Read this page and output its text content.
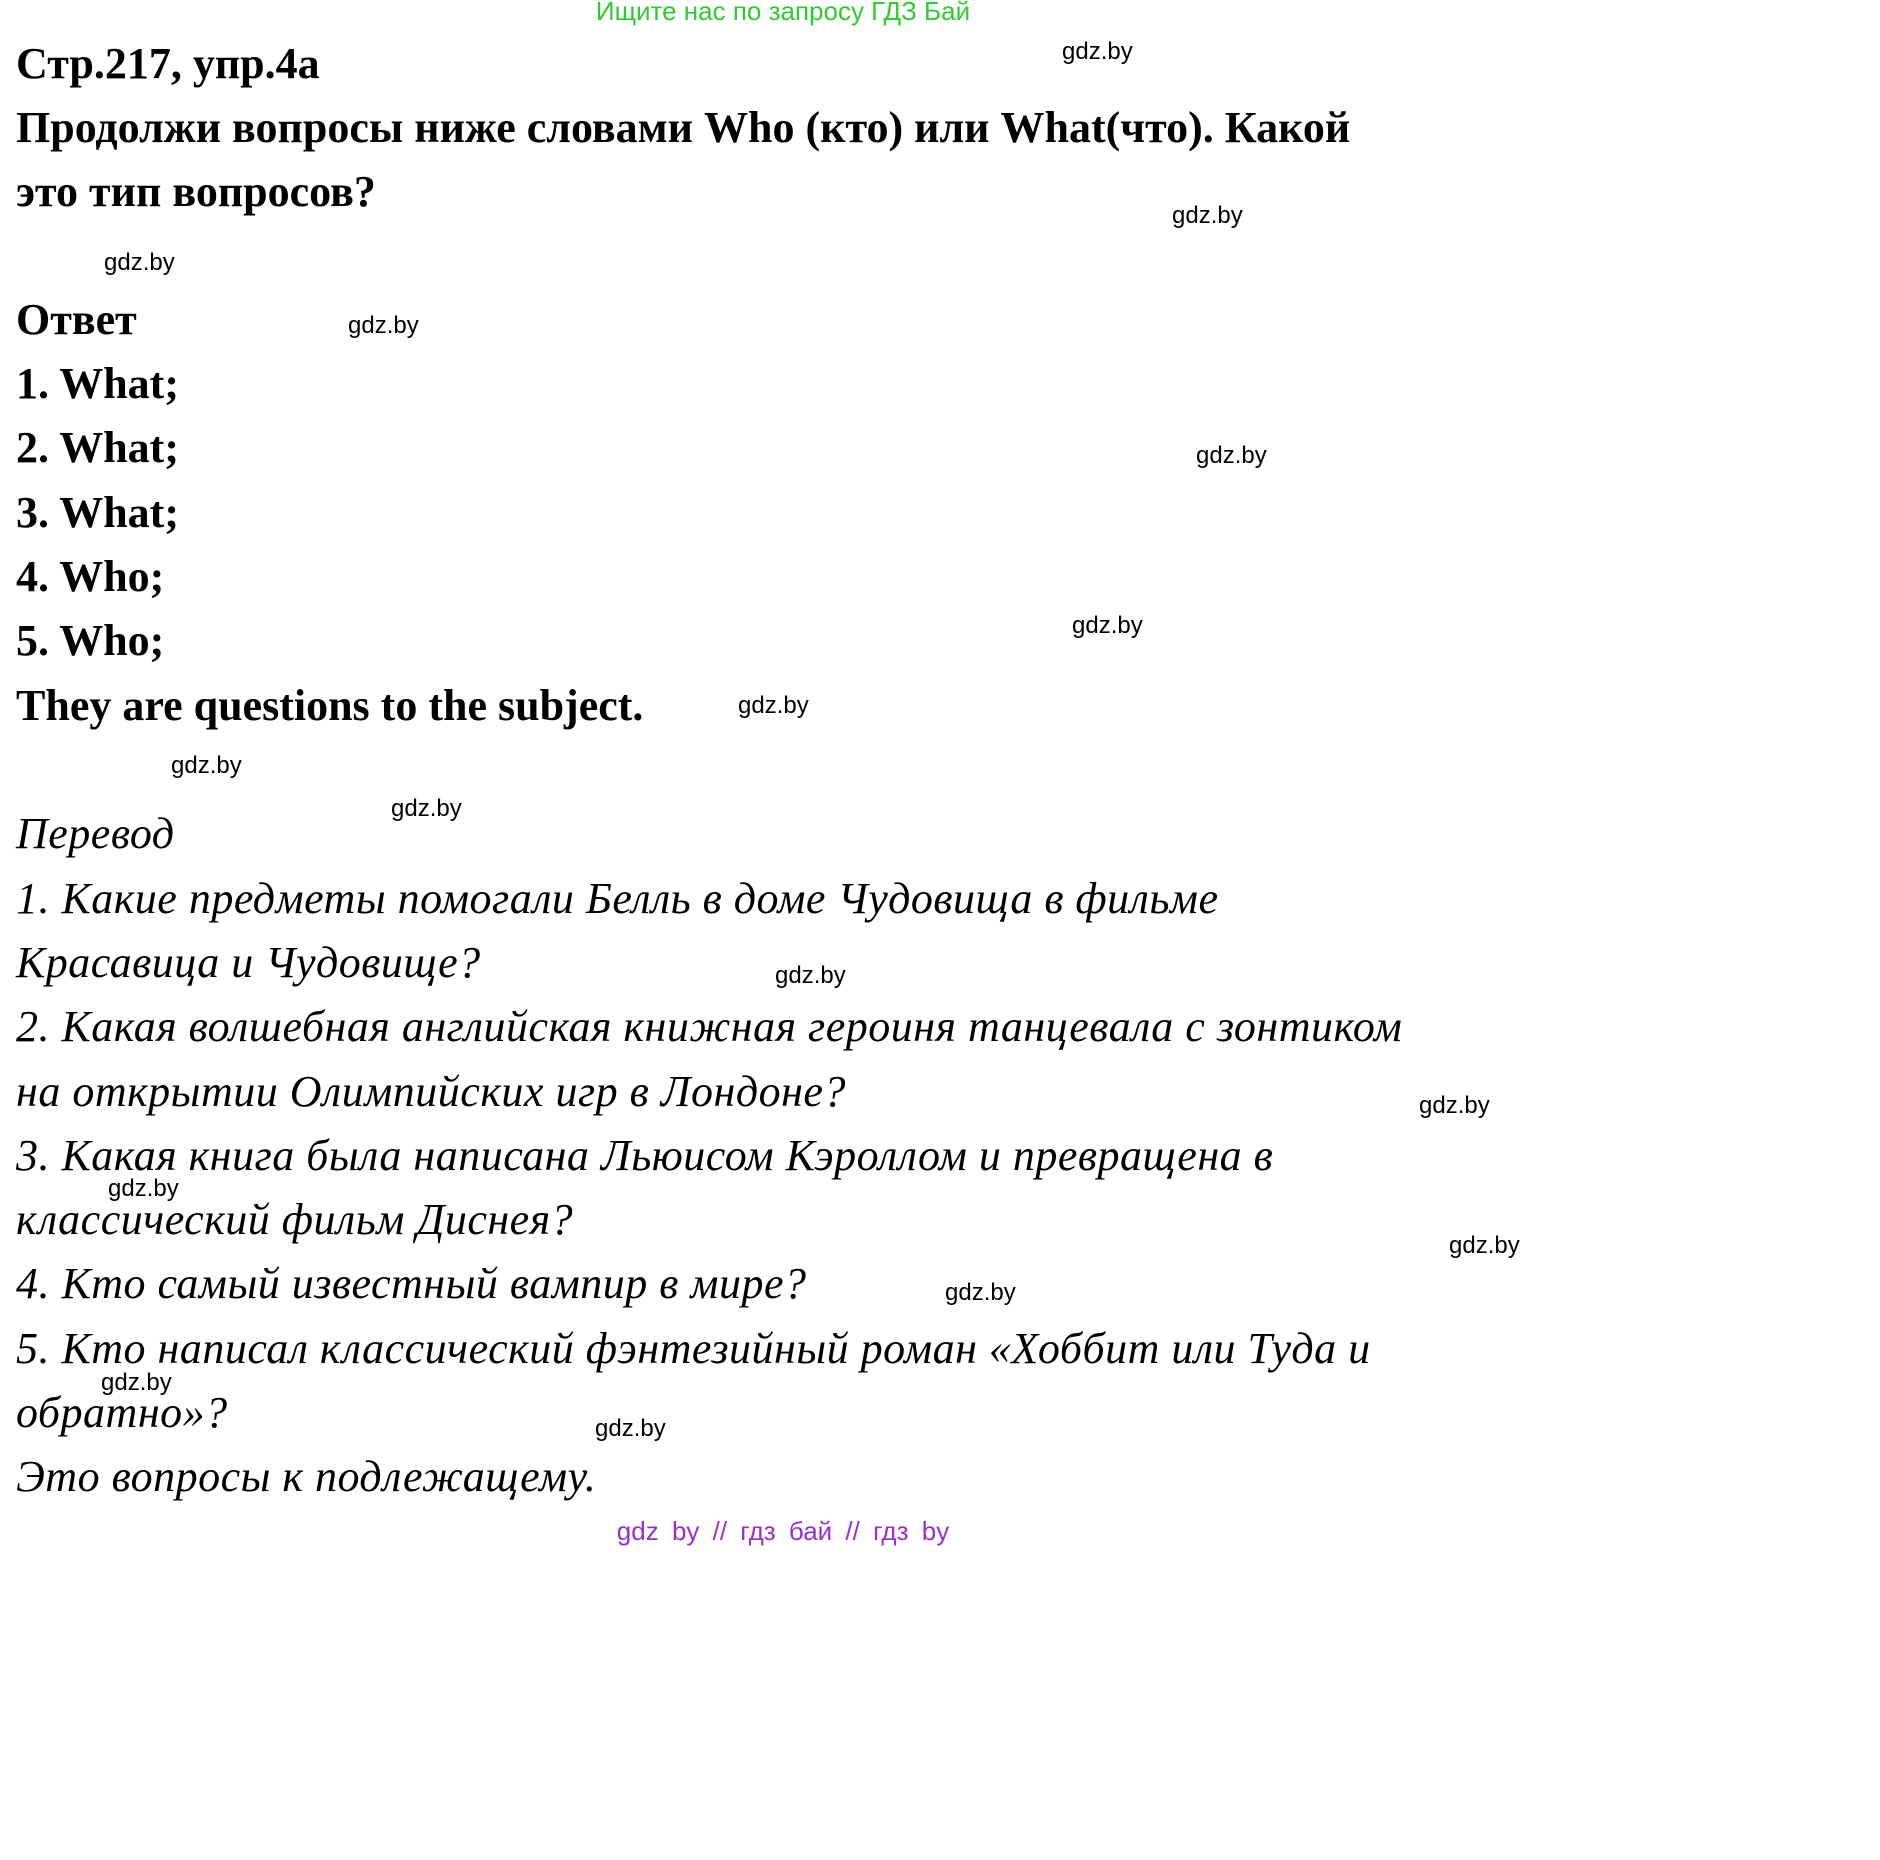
Ищите нас по запросу ГДЗ Бай
Стр.217, упр.4а
Продолжи вопросы ниже словами Who (кто) или What(что). Какой
это тип вопросов?
Ответ
1. What;
2. What;
3. What;
4. Who;
5. Who;
They are questions to the subject.
Перевод
1. Какие предметы помогали Белль в доме Чудовища в фильме
Красавица и Чудовище?
2. Какая волшебная английская книжная героиня танцевала с зонтиком
на открытии Олимпийских игр в Лондоне?
3. Какая книга была написана Льюисом Кэроллом и превращена в
классический фильм Диснея?
4. Кто самый известный вампир в мире?
5. Кто написал классический фэнтезийный роман «Хоббит или Туда и
обратно»?
Это вопросы к подлежащему.
gdz.by
gdz.by
gdz.by
gdz.by
gdz.by
gdz.by
gdz.by
gdz.by
gdz.by
gdz.by
gdz.by
gdz.by
gdz.by
gdz.by
gdz.by
gdz.by
gdz by // гдз бай // гдз by
